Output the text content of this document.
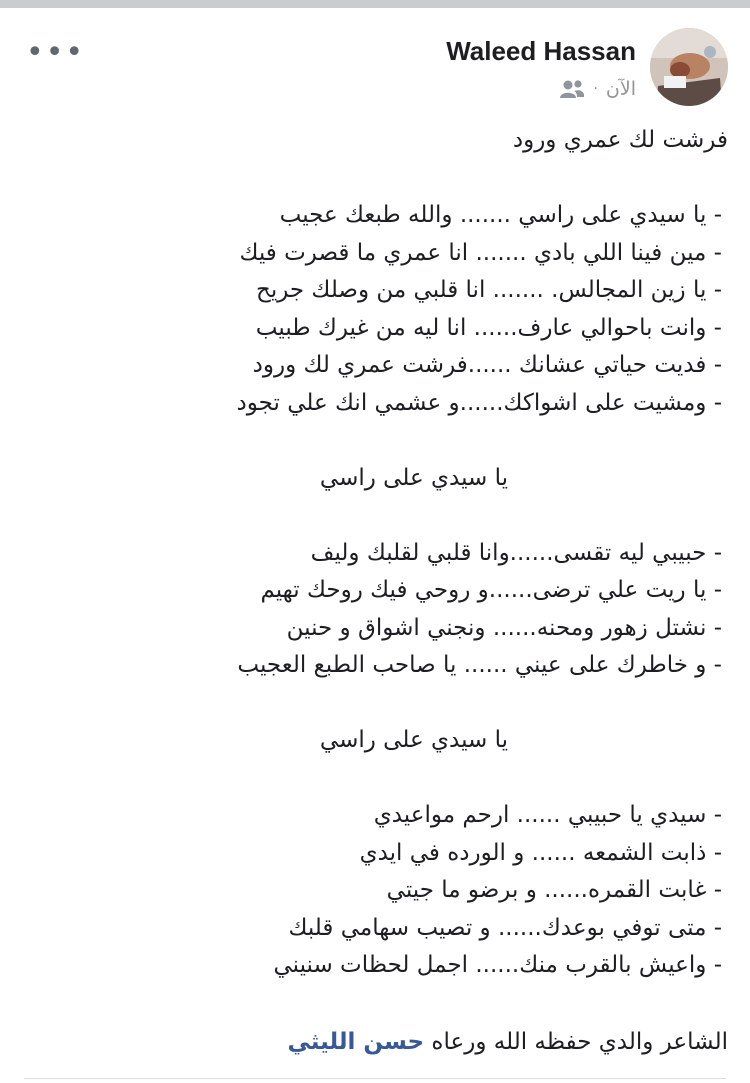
•••	Waleed Hassan
الآن
·
فرشت لك عمري ورود
- يا سيدي على راسي ....... والله طبعك عجيب
- مين فينا اللي بادي ....... انا عمري ما قصرت فيك
- يا زين المجالس. ....... انا قلبي من وصلك جريح
- وانت باحوالي عارف...... انا ليه من غيرك طبيب
- فديت حياتي عشانك ......فرشت عمري لك ورود
- ومشيت على اشواكك......و عشمي انك علي تجود
يا سيدي على راسي
- حبيبي ليه تقسى......وانا قلبي لقلبك وليف
- يا ريت علي ترضى......و روحي فيك روحك تهيم
- نشتل زهور ومحنه...... ونجني اشواق و حنين
- و خاطرك على عيني ...... يا صاحب الطبع العجيب
يا سيدي على راسي
- سيدي يا حبيبي ...... ارحم مواعيدي
- ذابت الشمعه ...... و الورده في ايدي
- غابت القمره...... و برضو ما جيتي
- متى توفي بوعدك...... و تصيب سهامي قلبك
- واعيش بالقرب منك...... اجمل لحظات سنيني
الشاعر والدي حفظه الله ورعاه حسن الليثي
